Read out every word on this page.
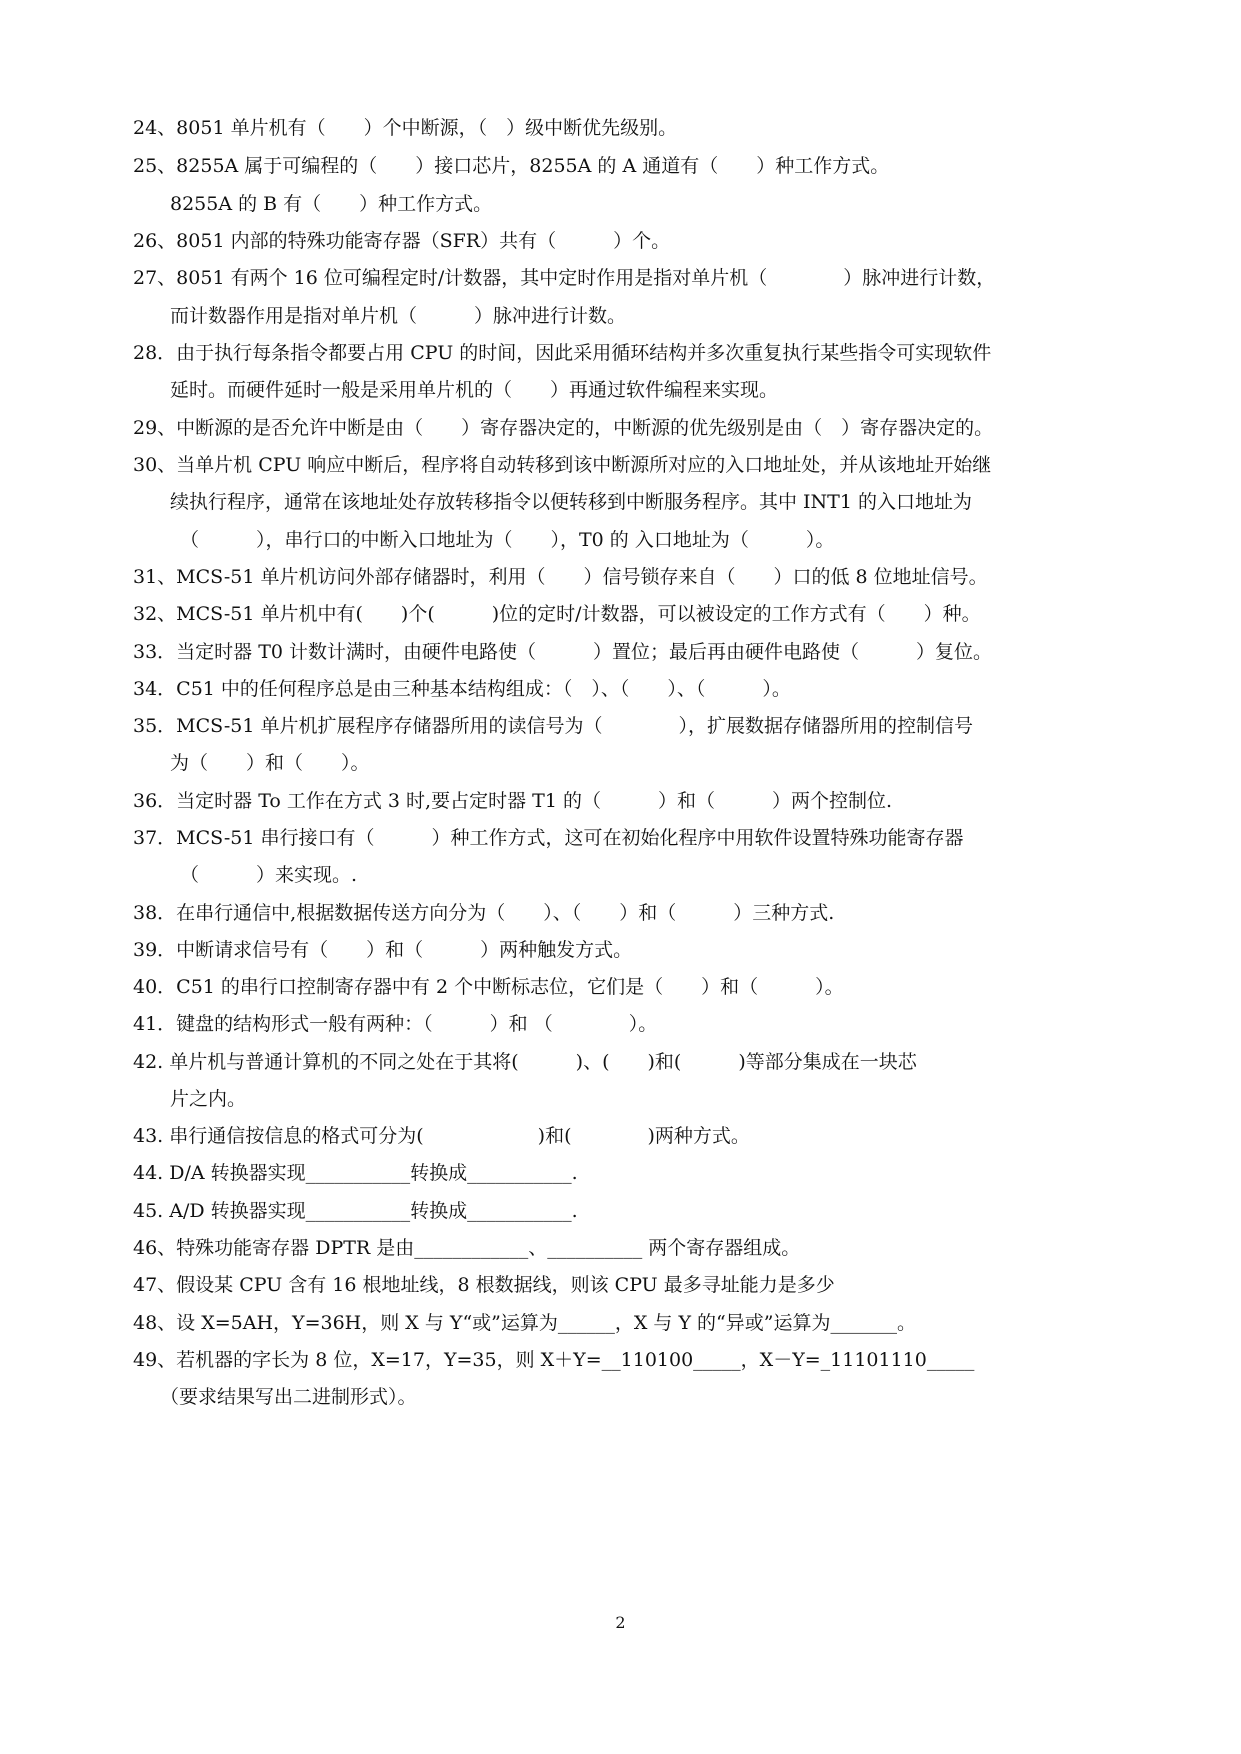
24、8051 单片机有（　　）个中断源，（　）级中断优先级别。
25、8255A 属于可编程的（　　）接口芯片，8255A 的 A 通道有（　　）种工作方式。
8255A 的 B 有（　　）种工作方式。
26、8051 内部的特殊功能寄存器（SFR）共有（　　　）个。
27、8051 有两个 16 位可编程定时/计数器，其中定时作用是指对单片机（　　　　）脉冲进行计数，
而计数器作用是指对单片机（　　　）脉冲进行计数。
28．由于执行每条指令都要占用 CPU 的时间，因此采用循环结构并多次重复执行某些指令可实现软件
延时。而硬件延时一般是采用单片机的（　　）再通过软件编程来实现。
29、中断源的是否允许中断是由（　　）寄存器决定的，中断源的优先级别是由（　）寄存器决定的。
30、当单片机 CPU 响应中断后，程序将自动转移到该中断源所对应的入口地址处，并从该地址开始继
续执行程序，通常在该地址处存放转移指令以便转移到中断服务程序。其中 INT1 的入口地址为
（　　　），串行口的中断入口地址为（　　），T0 的 入口地址为（　　　）。
31、MCS-51 单片机访问外部存储器时，利用（　　）信号锁存来自（　　）口的低 8 位地址信号。
32、MCS-51 单片机中有(　　)个(　　　)位的定时/计数器，可以被设定的工作方式有（　　）种。
33．当定时器 T0 计数计满时，由硬件电路使（　　　）置位；最后再由硬件电路使（　　　）复位。
34．C51 中的任何程序总是由三种基本结构组成：（　）、（　　）、（　　　）。
35．MCS-51 单片机扩展程序存储器所用的读信号为（　　　　），扩展数据存储器所用的控制信号
为（　　）和（　　）。
36．当定时器 To 工作在方式 3 时,要占定时器 T1 的（　　　）和（　　　）两个控制位.
37．MCS-51 串行接口有（　　　）种工作方式，这可在初始化程序中用软件设置特殊功能寄存器
（　　　）来实现。.
38．在串行通信中,根据数据传送方向分为（　　）、（　　）和（　　　）三种方式.
39．中断请求信号有（　　）和（　　　）两种触发方式。
40．C51 的串行口控制寄存器中有 2 个中断标志位，它们是（　　）和（　　　）。
41．键盘的结构形式一般有两种：（　　　）和 （　　　　）。
42. 单片机与普通计算机的不同之处在于其将(　　　)、(　　)和(　　　)等部分集成在一块芯
片之内。
43. 串行通信按信息的格式可分为(　　　　　　)和(　　　　)两种方式。
44. D/A 转换器实现___________转换成___________.
45. A/D 转换器实现___________转换成___________.
46、特殊功能寄存器 DPTR 是由____________、__________ 两个寄存器组成。
47、假设某 CPU 含有 16 根地址线，8 根数据线，则该 CPU 最多寻址能力是多少
48、设 X=5AH，Y=36H，则 X 与 Y“或”运算为______，X 与 Y 的“异或”运算为_______。
49、若机器的字长为 8 位，X=17，Y=35，则 X＋Y=__110100_____，X－Y=_11101110_____
（要求结果写出二进制形式）。
2
